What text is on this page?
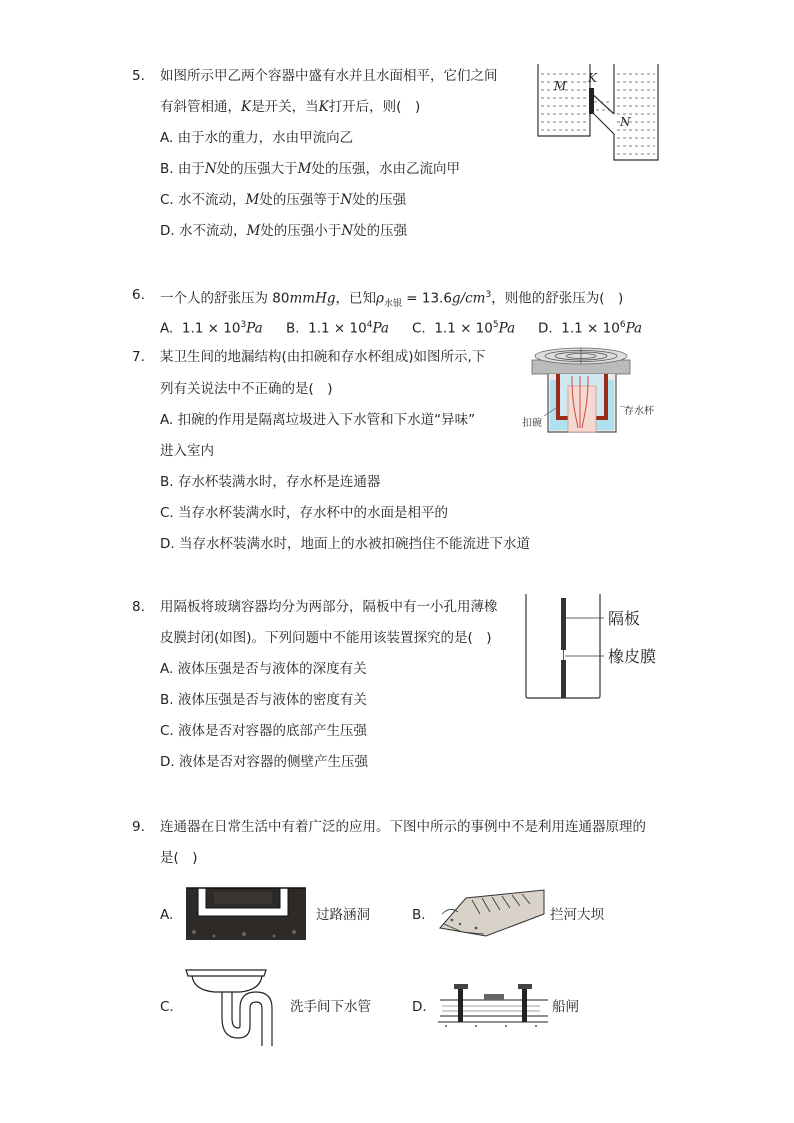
5. 如图所示甲乙两个容器中盛有水并且水面相平，它们之间
有斜管相通，K是开关，当K打开后，则(　)
A. 由于水的重力，水由甲流向乙
B. 由于N处的压强大于M处的压强，水由乙流向甲
C. 水不流动，M处的压强等于N处的压强
D. 水不流动，M处的压强小于N处的压强
M
K
N
6. 一个人的舒张压为 80mmHg，已知$\rho_{水银} = 13.6g/cm^3$，则他的舒张压为(　)
A. $1.1 \times 10^3Pa$ B. $1.1 \times 10^4Pa$ C. $1.1 \times 10^5Pa$ D. $1.1 \times 10^6Pa$
7. 某卫生间的地漏结构(由扣碗和存水杯组成)如图所示,下
列有关说法中不正确的是(　)
A. 扣碗的作用是隔离垃圾进入下水管和下水道“异味”
进入室内
B. 存水杯装满水时，存水杯是连通器
C. 当存水杯装满水时，存水杯中的水面是相平的
D. 当存水杯装满水时，地面上的水被扣碗挡住不能流进下水道
存水杯
扣碗
8. 用隔板将玻璃容器均分为两部分，隔板中有一小孔用薄橡
皮膜封闭(如图)。下列问题中不能用该装置探究的是(　)
A. 液体压强是否与液体的深度有关
B. 液体压强是否与液体的密度有关
C. 液体是否对容器的底部产生压强
D. 液体是否对容器的侧壁产生压强
隔板
橡皮膜
9. 连通器在日常生活中有着广泛的应用。下图中所示的事例中不是利用连通器原理的
是(　)
A.	过路涵洞	B.	拦河大坝
C.	洗手间下水管	D.	船闸
